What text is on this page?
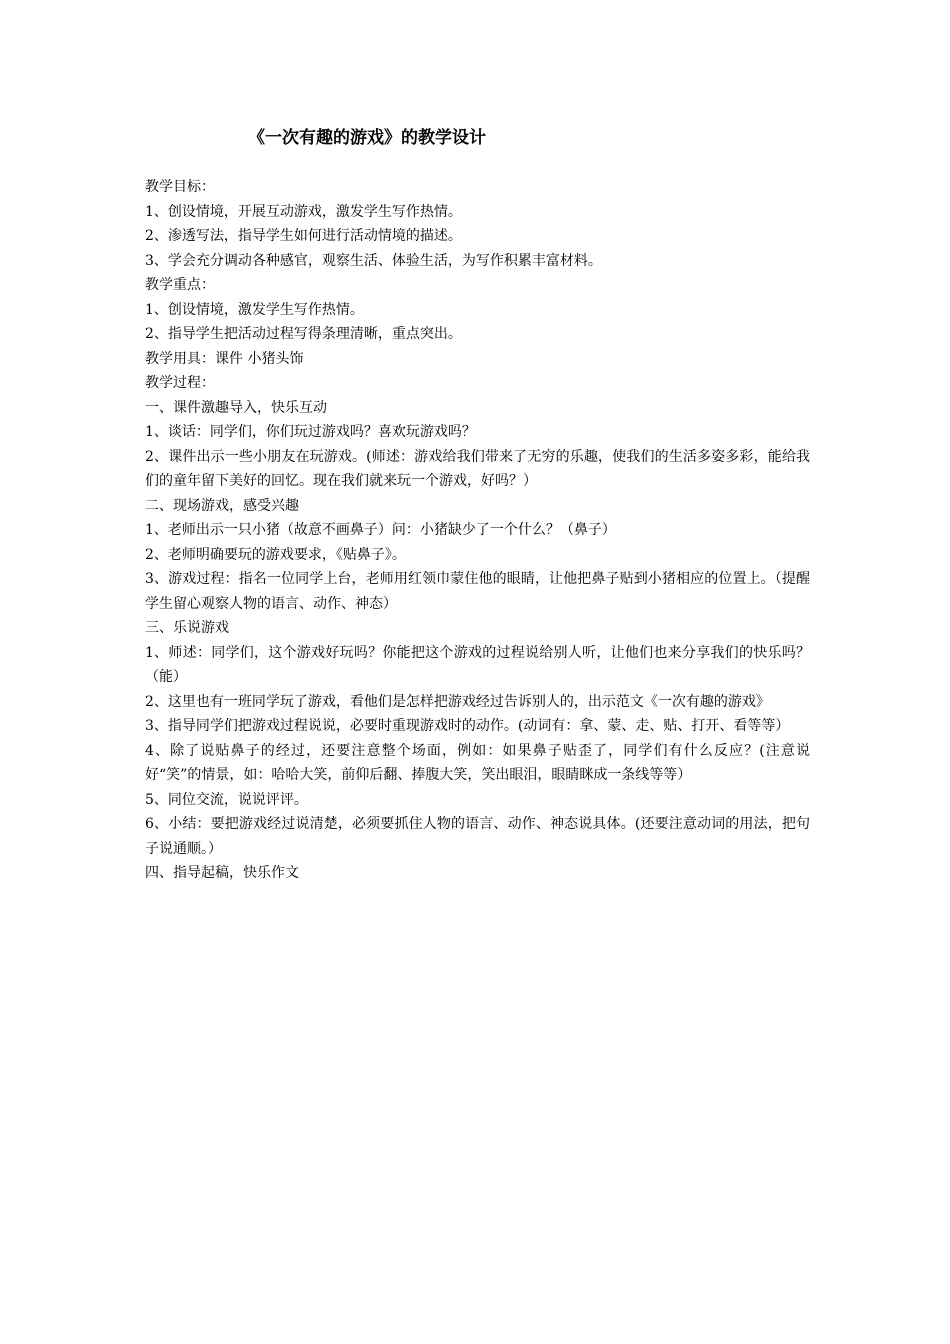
《一次有趣的游戏》的教学设计

教学目标：

1、创设情境，开展互动游戏，激发学生写作热情。

2、渗透写法，指导学生如何进行活动情境的描述。

3、学会充分调动各种感官，观察生活、体验生活，为写作积累丰富材料。

教学重点：

1、创设情境，激发学生写作热情。

2、指导学生把活动过程写得条理清晰，重点突出。

教学用具：课件 小猪头饰

教学过程：

一、课件激趣导入，快乐互动

1、谈话：同学们，你们玩过游戏吗？喜欢玩游戏吗？

2、课件出示一些小朋友在玩游戏。(师述：游戏给我们带来了无穷的乐趣，使我们的生活多姿多彩，能给我们的童年留下美好的回忆。现在我们就来玩一个游戏，好吗？）

二、现场游戏，感受兴趣

1、老师出示一只小猪（故意不画鼻子）问：小猪缺少了一个什么？（鼻子）

2、老师明确要玩的游戏要求，《贴鼻子》。

3、游戏过程：指名一位同学上台，老师用红领巾蒙住他的眼睛，让他把鼻子贴到小猪相应的位置上。（提醒学生留心观察人物的语言、动作、神态）

三、乐说游戏

1、师述：同学们，这个游戏好玩吗？你能把这个游戏的过程说给别人听，让他们也来分享我们的快乐吗？（能）

2、这里也有一班同学玩了游戏，看他们是怎样把游戏经过告诉别人的，出示范文《一次有趣的游戏》

3、指导同学们把游戏过程说说，必要时重现游戏时的动作。(动词有：拿、蒙、走、贴、打开、看等等）

4、除了说贴鼻子的经过，还要注意整个场面，例如：如果鼻子贴歪了，同学们有什么反应？(注意说好“笑”的情景，如：哈哈大笑，前仰后翻、捧腹大笑，笑出眼泪，眼睛眯成一条线等等）

5、同位交流，说说评评。

6、小结：要把游戏经过说清楚，必须要抓住人物的语言、动作、神态说具体。(还要注意动词的用法，把句子说通顺。）

四、指导起稿，快乐作文
